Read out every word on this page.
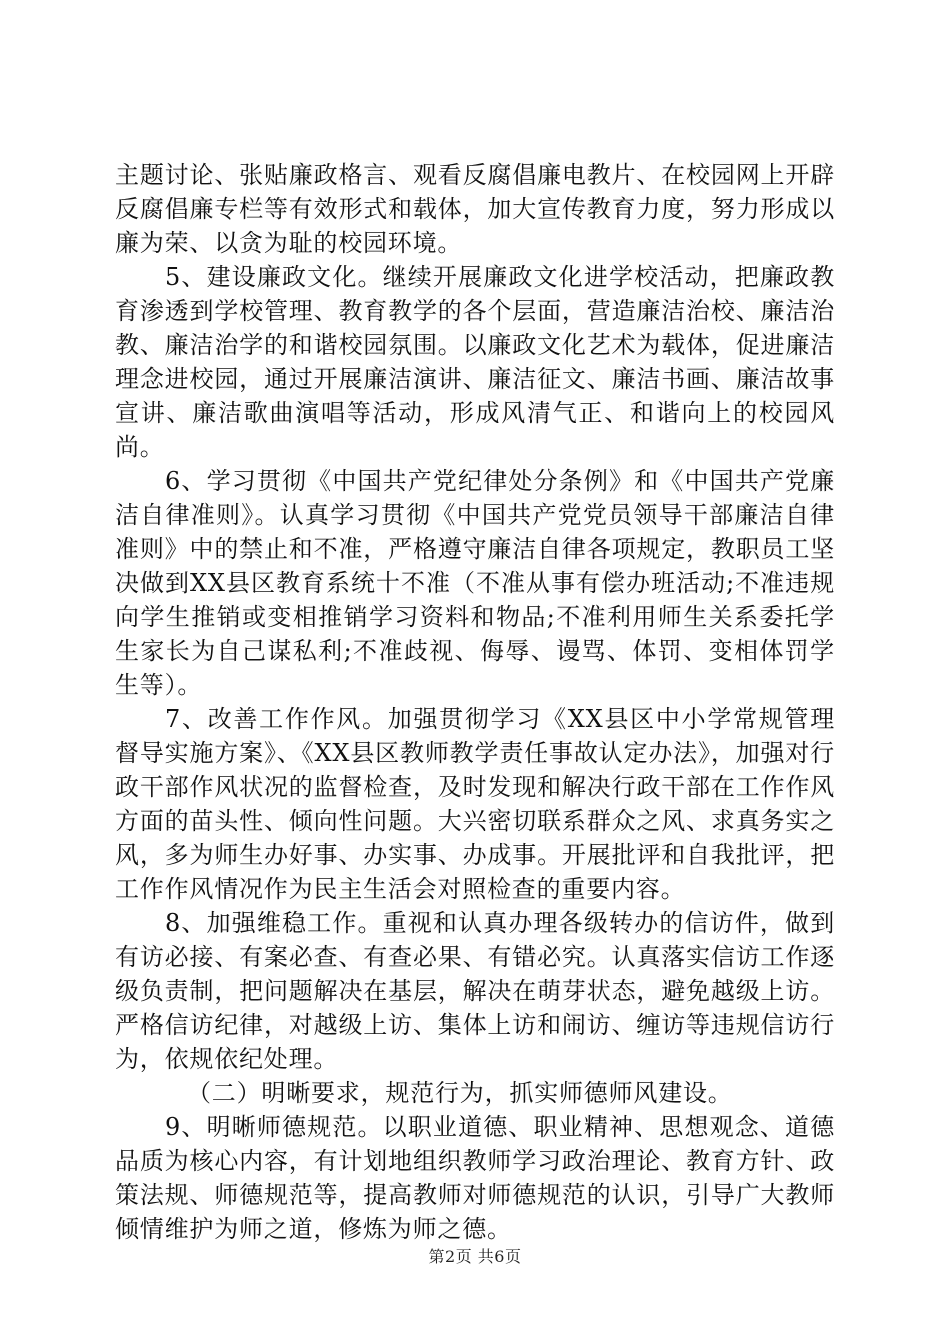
主题讨论、张贴廉政格言、观看反腐倡廉电教片、在校园网上开辟反腐倡廉专栏等有效形式和载体，加大宣传教育力度，努力形成以廉为荣、以贪为耻的校园环境。

5、建设廉政文化。继续开展廉政文化进学校活动，把廉政教育渗透到学校管理、教育教学的各个层面，营造廉洁治校、廉洁治教、廉洁治学的和谐校园氛围。以廉政文化艺术为载体，促进廉洁理念进校园，通过开展廉洁演讲、廉洁征文、廉洁书画、廉洁故事宣讲、廉洁歌曲演唱等活动，形成风清气正、和谐向上的校园风尚。

6、学习贯彻《中国共产党纪律处分条例》和《中国共产党廉洁自律准则》。认真学习贯彻《中国共产党党员领导干部廉洁自律准则》中的禁止和不准，严格遵守廉洁自律各项规定，教职员工坚决做到XX县区教育系统十不准（不准从事有偿办班活动;不准违规向学生推销或变相推销学习资料和物品;不准利用师生关系委托学生家长为自己谋私利;不准歧视、侮辱、谩骂、体罚、变相体罚学生等）。

7、改善工作作风。加强贯彻学习《XX县区中小学常规管理督导实施方案》、《XX县区教师教学责任事故认定办法》，加强对行政干部作风状况的监督检查，及时发现和解决行政干部在工作作风方面的苗头性、倾向性问题。大兴密切联系群众之风、求真务实之风，多为师生办好事、办实事、办成事。开展批评和自我批评，把工作作风情况作为民主生活会对照检查的重要内容。

8、加强维稳工作。重视和认真办理各级转办的信访件，做到有访必接、有案必查、有查必果、有错必究。认真落实信访工作逐级负责制，把问题解决在基层，解决在萌芽状态，避免越级上访。严格信访纪律，对越级上访、集体上访和闹访、缠访等违规信访行为，依规依纪处理。

（二）明晰要求，规范行为，抓实师德师风建设。

9、明晰师德规范。以职业道德、职业精神、思想观念、道德品质为核心内容，有计划地组织教师学习政治理论、教育方针、政策法规、师德规范等，提高教师对师德规范的认识，引导广大教师倾情维护为师之道，修炼为师之德。

第2页 共6页
